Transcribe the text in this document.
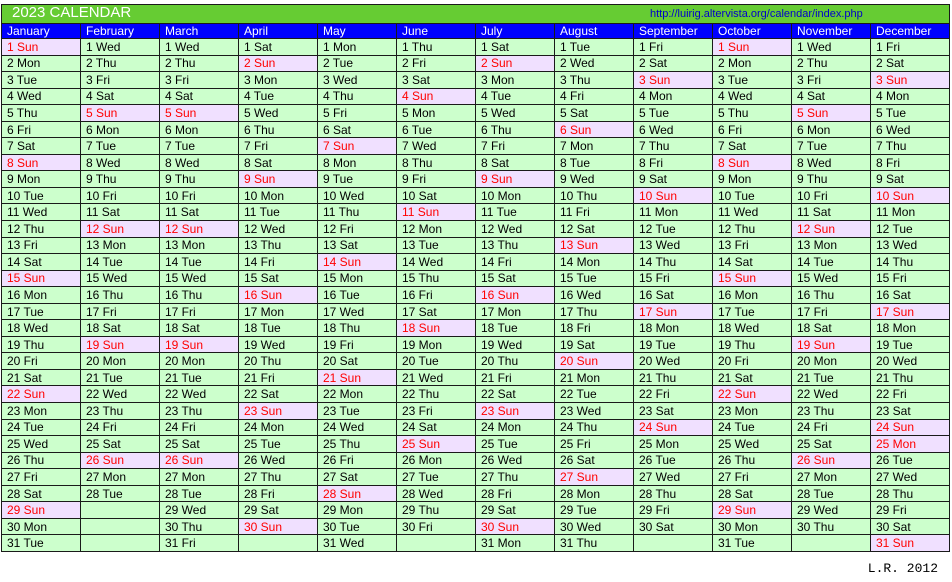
January	February	March	April	May	June	July	August	September	October	November	December
1 Sun	1 Wed	1 Wed	1 Sat	1 Mon	1 Thu	1 Sat	1 Tue	1 Fri	1 Sun	1 Wed	1 Fri
2 Mon	2 Thu	2 Thu	2 Sun	2 Tue	2 Fri	2 Sun	2 Wed	2 Sat	2 Mon	2 Thu	2 Sat
3 Tue	3 Fri	3 Fri	3 Mon	3 Wed	3 Sat	3 Mon	3 Thu	3 Sun	3 Tue	3 Fri	3 Sun
4 Wed	4 Sat	4 Sat	4 Tue	4 Thu	4 Sun	4 Tue	4 Fri	4 Mon	4 Wed	4 Sat	4 Mon
5 Thu	5 Sun	5 Sun	5 Wed	5 Fri	5 Mon	5 Wed	5 Sat	5 Tue	5 Thu	5 Sun	5 Tue
6 Fri	6 Mon	6 Mon	6 Thu	6 Sat	6 Tue	6 Thu	6 Sun	6 Wed	6 Fri	6 Mon	6 Wed
7 Sat	7 Tue	7 Tue	7 Fri	7 Sun	7 Wed	7 Fri	7 Mon	7 Thu	7 Sat	7 Tue	7 Thu
8 Sun	8 Wed	8 Wed	8 Sat	8 Mon	8 Thu	8 Sat	8 Tue	8 Fri	8 Sun	8 Wed	8 Fri
9 Mon	9 Thu	9 Thu	9 Sun	9 Tue	9 Fri	9 Sun	9 Wed	9 Sat	9 Mon	9 Thu	9 Sat
10 Tue	10 Fri	10 Fri	10 Mon	10 Wed	10 Sat	10 Mon	10 Thu	10 Sun	10 Tue	10 Fri	10 Sun
11 Wed	11 Sat	11 Sat	11 Tue	11 Thu	11 Sun	11 Tue	11 Fri	11 Mon	11 Wed	11 Sat	11 Mon
12 Thu	12 Sun	12 Sun	12 Wed	12 Fri	12 Mon	12 Wed	12 Sat	12 Tue	12 Thu	12 Sun	12 Tue
13 Fri	13 Mon	13 Mon	13 Thu	13 Sat	13 Tue	13 Thu	13 Sun	13 Wed	13 Fri	13 Mon	13 Wed
14 Sat	14 Tue	14 Tue	14 Fri	14 Sun	14 Wed	14 Fri	14 Mon	14 Thu	14 Sat	14 Tue	14 Thu
15 Sun	15 Wed	15 Wed	15 Sat	15 Mon	15 Thu	15 Sat	15 Tue	15 Fri	15 Sun	15 Wed	15 Fri
16 Mon	16 Thu	16 Thu	16 Sun	16 Tue	16 Fri	16 Sun	16 Wed	16 Sat	16 Mon	16 Thu	16 Sat
17 Tue	17 Fri	17 Fri	17 Mon	17 Wed	17 Sat	17 Mon	17 Thu	17 Sun	17 Tue	17 Fri	17 Sun
18 Wed	18 Sat	18 Sat	18 Tue	18 Thu	18 Sun	18 Tue	18 Fri	18 Mon	18 Wed	18 Sat	18 Mon
19 Thu	19 Sun	19 Sun	19 Wed	19 Fri	19 Mon	19 Wed	19 Sat	19 Tue	19 Thu	19 Sun	19 Tue
20 Fri	20 Mon	20 Mon	20 Thu	20 Sat	20 Tue	20 Thu	20 Sun	20 Wed	20 Fri	20 Mon	20 Wed
21 Sat	21 Tue	21 Tue	21 Fri	21 Sun	21 Wed	21 Fri	21 Mon	21 Thu	21 Sat	21 Tue	21 Thu
22 Sun	22 Wed	22 Wed	22 Sat	22 Mon	22 Thu	22 Sat	22 Tue	22 Fri	22 Sun	22 Wed	22 Fri
23 Mon	23 Thu	23 Thu	23 Sun	23 Tue	23 Fri	23 Sun	23 Wed	23 Sat	23 Mon	23 Thu	23 Sat
24 Tue	24 Fri	24 Fri	24 Mon	24 Wed	24 Sat	24 Mon	24 Thu	24 Sun	24 Tue	24 Fri	24 Sun
25 Wed	25 Sat	25 Sat	25 Tue	25 Thu	25 Sun	25 Tue	25 Fri	25 Mon	25 Wed	25 Sat	25 Mon
26 Thu	26 Sun	26 Sun	26 Wed	26 Fri	26 Mon	26 Wed	26 Sat	26 Tue	26 Thu	26 Sun	26 Tue
27 Fri	27 Mon	27 Mon	27 Thu	27 Sat	27 Tue	27 Thu	27 Sun	27 Wed	27 Fri	27 Mon	27 Wed
28 Sat	28 Tue	28 Tue	28 Fri	28 Sun	28 Wed	28 Fri	28 Mon	28 Thu	28 Sat	28 Tue	28 Thu
29 Sun		29 Wed	29 Sat	29 Mon	29 Thu	29 Sat	29 Tue	29 Fri	29 Sun	29 Wed	29 Fri
30 Mon		30 Thu	30 Sun	30 Tue	30 Fri	30 Sun	30 Wed	30 Sat	30 Mon	30 Thu	30 Sat
31 Tue		31 Fri		31 Wed		31 Mon	31 Thu		31 Tue		31 Sun
2023 CALENDAR	http://luirig.altervista.org/calendar/index.php
L.R. 2012
